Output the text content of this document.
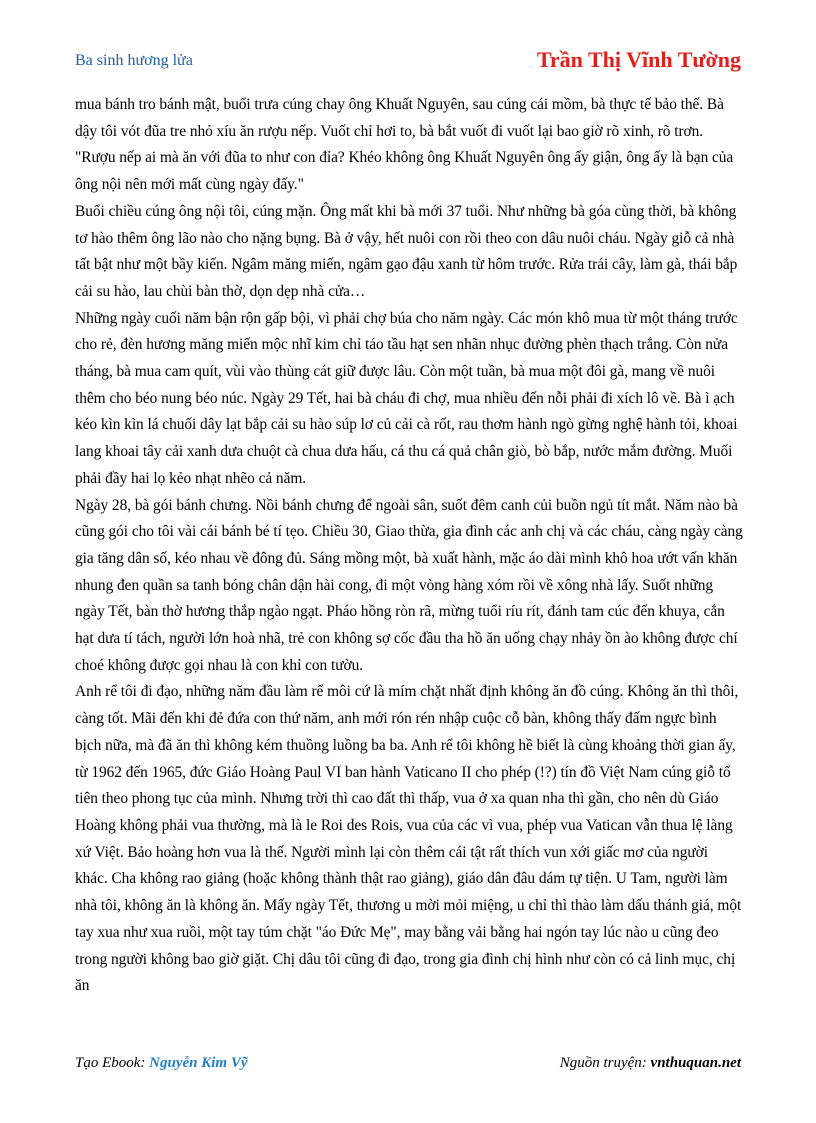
Ba sinh hương lửa	Trần Thị Vĩnh Tường

mua bánh tro bánh mật, buổi trưa cúng chay ông Khuất Nguyên, sau cúng cái mồm, bà thực tế bảo thế. Bà dậy tôi vót đũa tre nhỏ xíu ăn rượu nếp. Vuốt chỉ hơi to, bà bắt vuốt đi vuốt lại bao giờ rõ xinh, rõ trơn. "Rượu nếp ai mà ăn với đũa to như con đỉa? Khéo không ông Khuất Nguyên ông ấy giận, ông ấy là bạn của ông nội nên mới mất cùng ngày đấy."

Buổi chiều cúng ông nội tôi, cúng mặn. Ông mất khi bà mới 37 tuổi. Như những bà góa cùng thời, bà không tơ hào thêm ông lão nào cho nặng bụng. Bà ở vậy, hết nuôi con rồi theo con dâu nuôi cháu. Ngày giỗ cả nhà tất bật như một bầy kiến. Ngâm măng miến, ngâm gạo đậu xanh từ hôm trước. Rửa trái cây, làm gà, thái bắp cải su hào, lau chùi bàn thờ, dọn dẹp nhà cửa…

Những ngày cuối năm bận rộn gấp bội, vì phải chợ búa cho năm ngày. Các món khô mua từ một tháng trước cho rẻ, đèn hương măng miến mộc nhĩ kim chỉ táo tầu hạt sen nhãn nhục đường phèn thạch trắng. Còn nửa tháng, bà mua cam quít, vùi vào thùng cát giữ được lâu. Còn một tuần, bà mua một đôi gà, mang về nuôi thêm cho béo nung béo núc. Ngày 29 Tết, hai bà cháu đi chợ, mua nhiều đến nỗi phải đi xích lô về. Bà ì ạch kéo kìn kìn lá chuối dây lạt bắp cải su hào súp lơ củ cải cà rốt, rau thơm hành ngò gừng nghệ hành tỏi, khoai lang khoai tây cải xanh dưa chuột cà chua dưa hấu, cá thu cá quả chân giò, bò bắp, nước mắm đường. Muối phải đầy hai lọ kẻo nhạt nhẽo cả năm.

Ngày 28, bà gói bánh chưng. Nồi bánh chưng để ngoài sân, suốt đêm canh củi buồn ngủ tít mắt. Năm nào bà cũng gói cho tôi vài cái bánh bé tí tẹo. Chiều 30, Giao thừa, gia đình các anh chị và các cháu, càng ngày càng gia tăng dân số, kéo nhau về đông đủ. Sáng mồng một, bà xuất hành, mặc áo dài mình khô hoa ướt vấn khăn nhung đen quần sa tanh bóng chân dận hài cong, đi một vòng hàng xóm rồi về xông nhà lấy. Suốt những ngày Tết, bàn thờ hương thắp ngào ngạt. Pháo hồng ròn rã, mừng tuổi ríu rít, đánh tam cúc đến khuya, cắn hạt dưa tí tách, người lớn hoà nhã, trẻ con không sợ cốc đầu tha hồ ăn uống chạy nhảy ồn ào không được chí choé không được gọi nhau là con khỉ con tườu.

Anh rể tôi đi đạo, những năm đầu làm rể môi cứ là mím chặt nhất định không ăn đồ cúng. Không ăn thì thôi, càng tốt. Mãi đến khi đẻ đứa con thứ năm, anh mới rón rén nhập cuộc cỗ bàn, không thấy đấm ngực bình bịch nữa, mà đã ăn thì không kém thuồng luồng ba ba. Anh rể tôi không hề biết là cùng khoảng thời gian ấy, từ 1962 đến 1965, đức Giáo Hoàng Paul VI ban hành Vaticano II cho phép (!?) tín đồ Việt Nam cúng giỗ tổ tiên theo phong tục của mình. Nhưng trời thì cao đất thì thấp, vua ở xa quan nha thì gần, cho nên dù Giáo Hoàng không phải vua thường, mà là le Roi des Rois, vua của các vì vua, phép vua Vatican vẫn thua lệ làng xứ Việt. Bảo hoàng hơn vua là thế. Người mình lại còn thêm cái tật rất thích vun xới giấc mơ của người khác. Cha không rao giảng (hoặc không thành thật rao giảng), giáo dân đâu dám tự tiện. U Tam, người làm nhà tôi, không ăn là không ăn. Mấy ngày Tết, thương u mời mỏi miệng, u chỉ thì thào làm dấu thánh giá, một tay xua như xua ruồi, một tay túm chặt "áo Đức Mẹ", may bằng vải bằng hai ngón tay lúc nào u cũng đeo trong người không bao giờ giặt. Chị dâu tôi cũng đi đạo, trong gia đình chị hình như còn có cả linh mục, chị ăn

Tạo Ebook: Nguyễn Kim Vỹ	Nguồn truyện: vnthuquan.net
